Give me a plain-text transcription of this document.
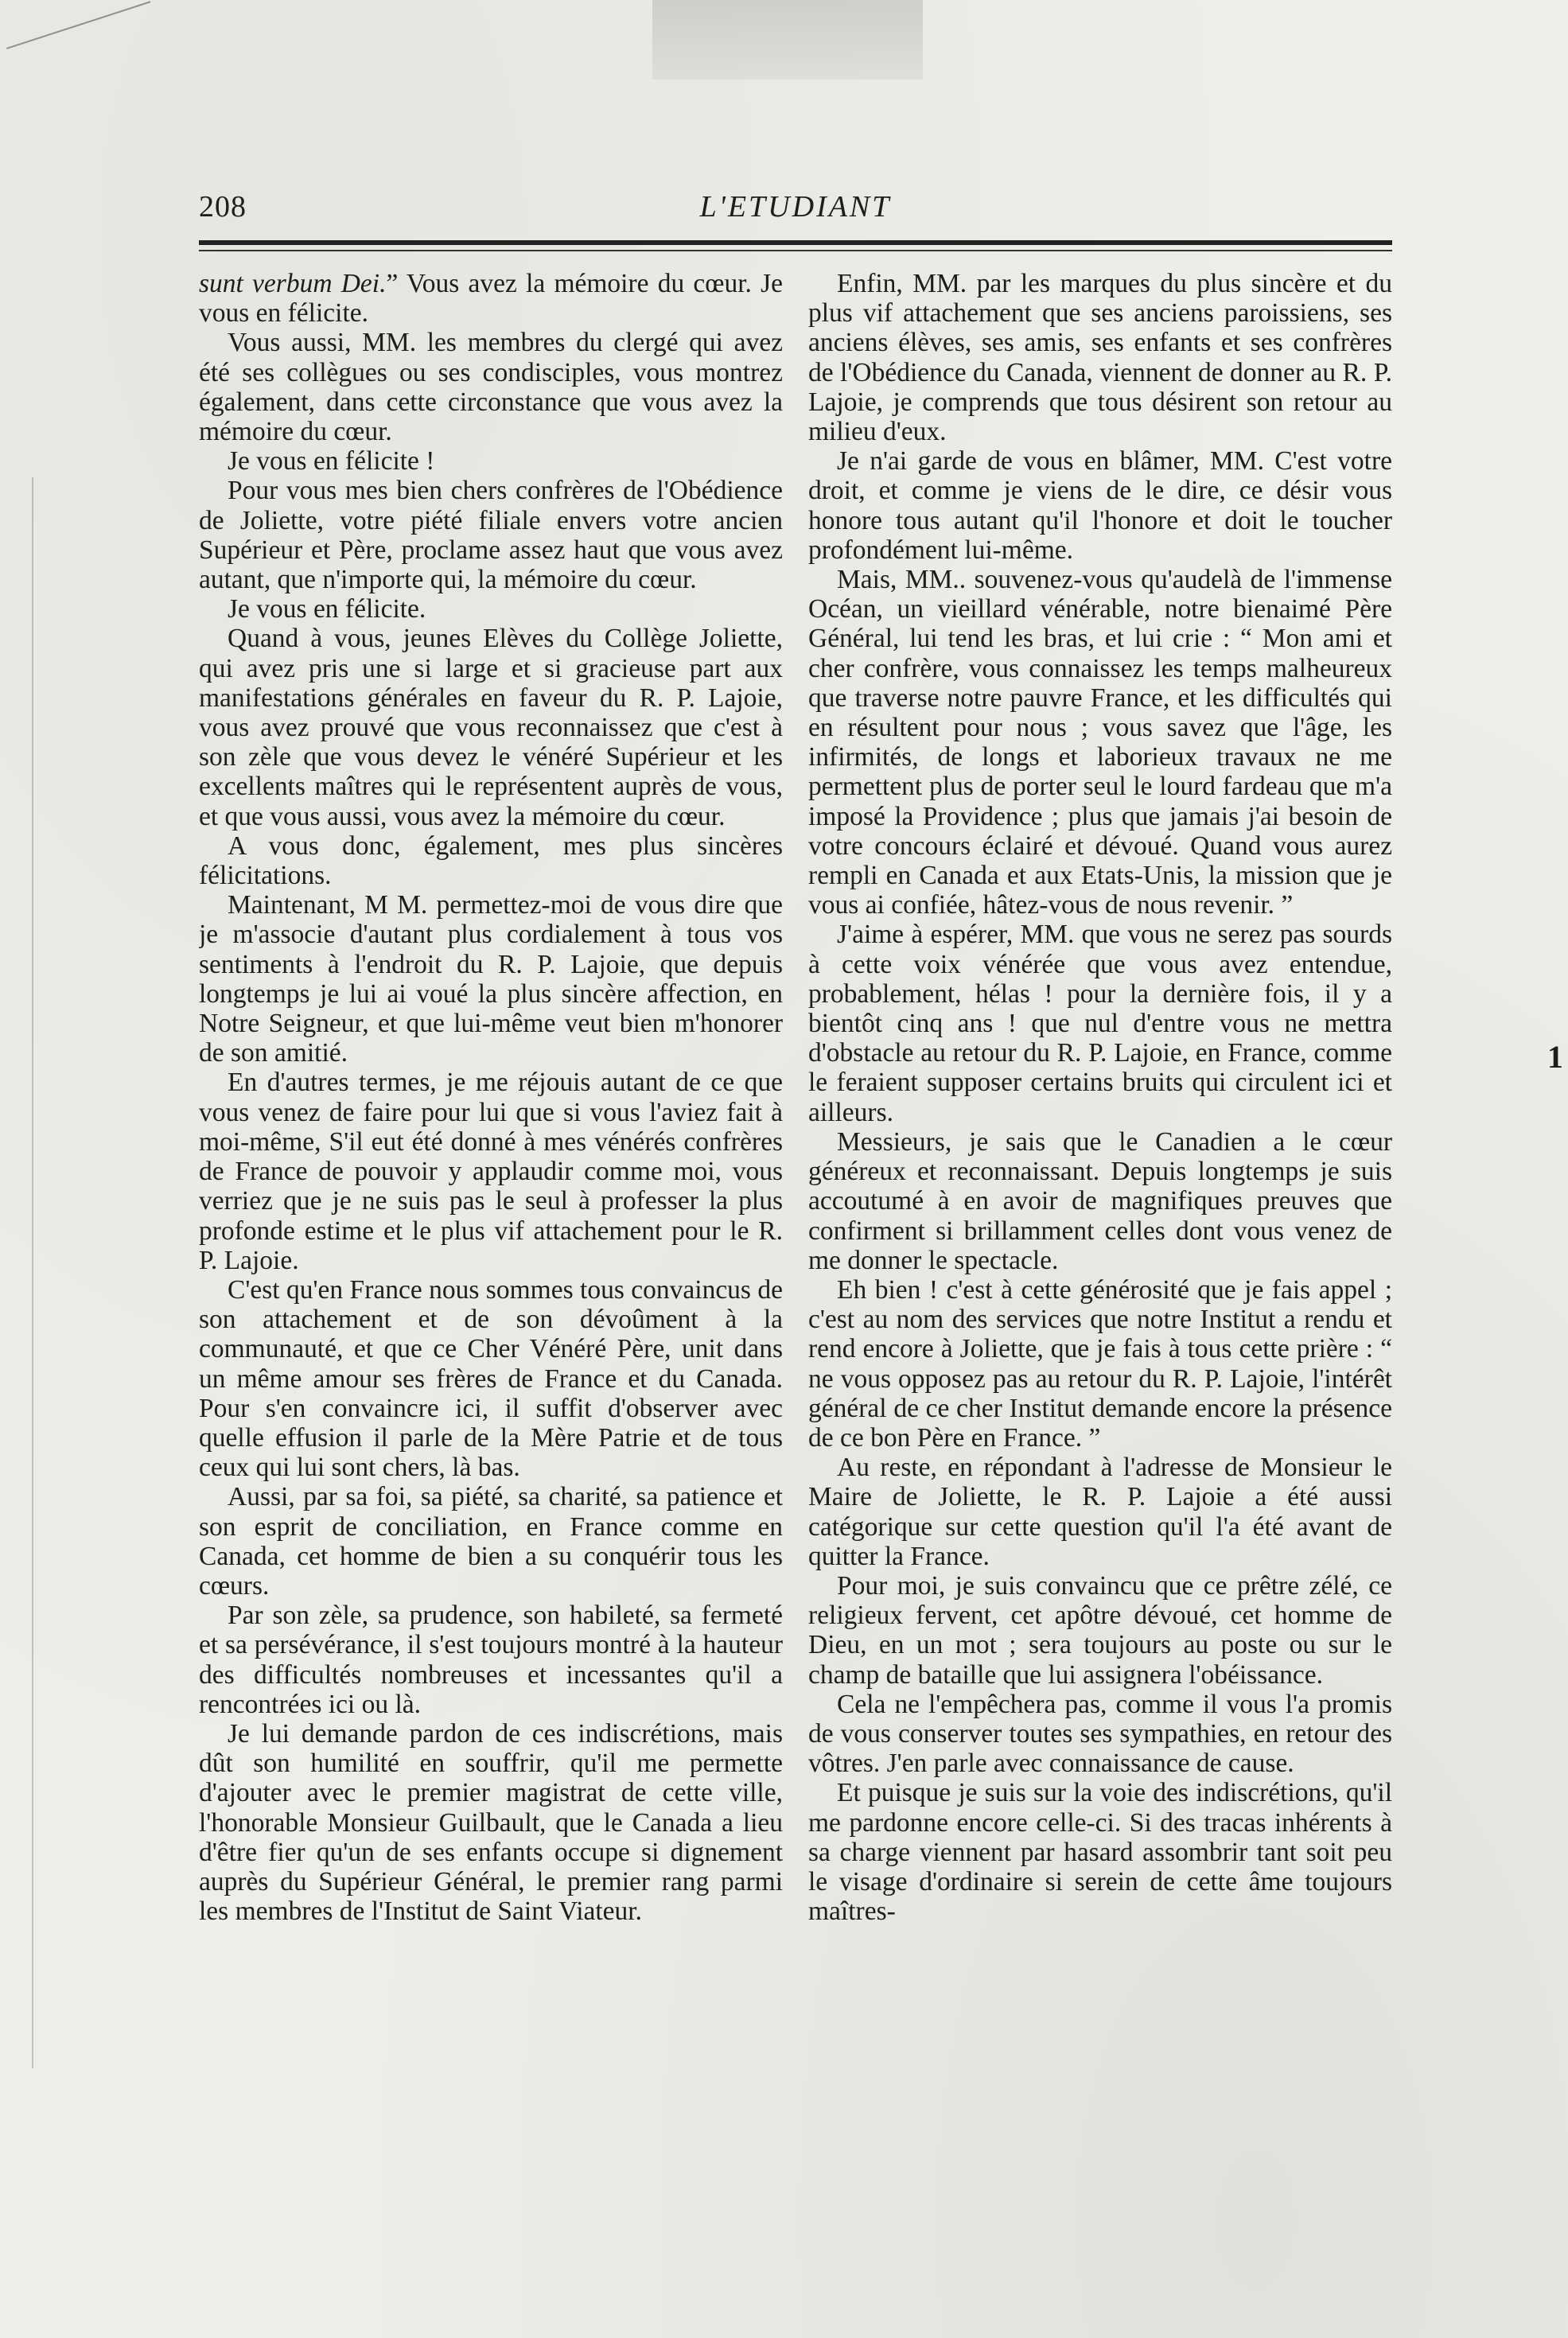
208	L'ETUDIANT

sunt verbum Dei.” Vous avez la mémoire du cœur. Je vous en félicite.

Vous aussi, MM. les membres du clergé qui avez été ses collègues ou ses condisciples, vous montrez également, dans cette circonstance que vous avez la mémoire du cœur.

Je vous en félicite !

Pour vous mes bien chers confrères de l'Obédience de Joliette, votre piété filiale envers votre ancien Supérieur et Père, proclame assez haut que vous avez autant, que n'importe qui, la mémoire du cœur.

Je vous en félicite.

Quand à vous, jeunes Elèves du Collège Joliette, qui avez pris une si large et si gracieuse part aux manifestations générales en faveur du R. P. Lajoie, vous avez prouvé que vous reconnaissez que c'est à son zèle que vous devez le vénéré Supérieur et les excellents maîtres qui le représentent auprès de vous, et que vous aussi, vous avez la mémoire du cœur.

A vous donc, également, mes plus sincères félicitations.

Maintenant, M M. permettez-moi de vous dire que je m'associe d'autant plus cordialement à tous vos sentiments à l'endroit du R. P. Lajoie, que depuis longtemps je lui ai voué la plus sincère affection, en Notre Seigneur, et que lui-même veut bien m'honorer de son amitié.

En d'autres termes, je me réjouis autant de ce que vous venez de faire pour lui que si vous l'aviez fait à moi-même, S'il eut été donné à mes vénérés confrères de France de pouvoir y applaudir comme moi, vous verriez que je ne suis pas le seul à professer la plus profonde estime et le plus vif attachement pour le R. P. Lajoie.

C'est qu'en France nous sommes tous convaincus de son attachement et de son dévoûment à la communauté, et que ce Cher Vénéré Père, unit dans un même amour ses frères de France et du Canada. Pour s'en convaincre ici, il suffit d'observer avec quelle effusion il parle de la Mère Patrie et de tous ceux qui lui sont chers, là bas.

Aussi, par sa foi, sa piété, sa charité, sa patience et son esprit de conciliation, en France comme en Canada, cet homme de bien a su conquérir tous les cœurs.

Par son zèle, sa prudence, son habileté, sa fermeté et sa persévérance, il s'est toujours montré à la hauteur des difficultés nombreuses et incessantes qu'il a rencontrées ici ou là.

Je lui demande pardon de ces indiscrétions, mais dût son humilité en souffrir, qu'il me permette d'ajouter avec le premier magistrat de cette ville, l'honorable Monsieur Guilbault, que le Canada a lieu d'être fier qu'un de ses enfants occupe si dignement auprès du Supérieur Général, le premier rang parmi les membres de l'Institut de Saint Viateur.

Enfin, MM. par les marques du plus sincère et du plus vif attachement que ses anciens paroissiens, ses anciens élèves, ses amis, ses enfants et ses confrères de l'Obédience du Canada, viennent de donner au R. P. Lajoie, je comprends que tous désirent son retour au milieu d'eux.

Je n'ai garde de vous en blâmer, MM. C'est votre droit, et comme je viens de le dire, ce désir vous honore tous autant qu'il l'honore et doit le toucher profondément lui-même.

Mais, MM.. souvenez-vous qu'audelà de l'immense Océan, un vieillard vénérable, notre bienaimé Père Général, lui tend les bras, et lui crie : “ Mon ami et cher confrère, vous connaissez les temps malheureux que traverse notre pauvre France, et les difficultés qui en résultent pour nous ; vous savez que l'âge, les infirmités, de longs et laborieux travaux ne me permettent plus de porter seul le lourd fardeau que m'a imposé la Providence ; plus que jamais j'ai besoin de votre concours éclairé et dévoué. Quand vous aurez rempli en Canada et aux Etats-Unis, la mission que je vous ai confiée, hâtez-vous de nous revenir. ”

J'aime à espérer, MM. que vous ne serez pas sourds à cette voix vénérée que vous avez entendue, probablement, hélas ! pour la dernière fois, il y a bientôt cinq ans ! que nul d'entre vous ne mettra d'obstacle au retour du R. P. Lajoie, en France, comme le feraient supposer certains bruits qui circulent ici et ailleurs.

Messieurs, je sais que le Canadien a le cœur généreux et reconnaissant. Depuis longtemps je suis accoutumé à en avoir de magnifiques preuves que confirment si brillamment celles dont vous venez de me donner le spectacle.

Eh bien ! c'est à cette générosité que je fais appel ; c'est au nom des services que notre Institut a rendu et rend encore à Joliette, que je fais à tous cette prière : “ ne vous opposez pas au retour du R. P. Lajoie, l'intérêt général de ce cher Institut demande encore la présence de ce bon Père en France. ”

Au reste, en répondant à l'adresse de Monsieur le Maire de Joliette, le R. P. Lajoie a été aussi catégorique sur cette question qu'il l'a été avant de quitter la France.

Pour moi, je suis convaincu que ce prêtre zélé, ce religieux fervent, cet apôtre dévoué, cet homme de Dieu, en un mot ; sera toujours au poste ou sur le champ de bataille que lui assignera l'obéissance.

Cela ne l'empêchera pas, comme il vous l'a promis de vous conserver toutes ses sympathies, en retour des vôtres. J'en parle avec connaissance de cause.

Et puisque je suis sur la voie des indiscrétions, qu'il me pardonne encore celle-ci. Si des tracas inhérents à sa charge viennent par hasard assombrir tant soit peu le visage d'ordinaire si serein de cette âme toujours maîtres-

1
